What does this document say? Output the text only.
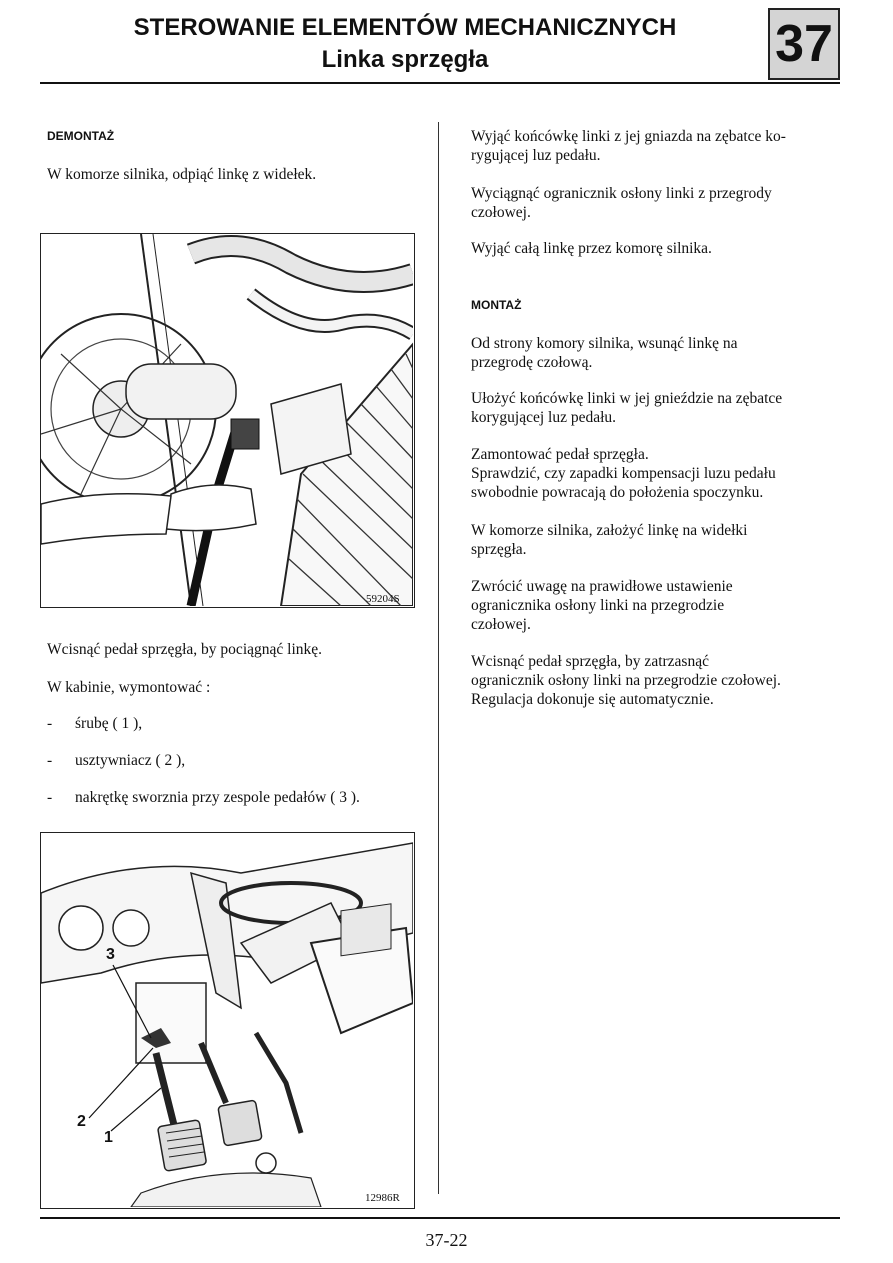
STEROWANIE ELEMENTÓW MECHANICZNYCH
Linka sprzęgła	37
DEMONTAŻ

W komorze silnika, odpiąć linkę z widełek.

59204S

Wcisnąć pedał sprzęgła, by pociągnąć linkę.

W kabinie, wymontować :

- śrubę ( 1 ),
- usztywniacz ( 2 ),
- nakrętkę sworznia przy zespole pedałów ( 3 ).
3
2
1
12986R
Wyjąć końcówkę linki z jej gniazda na zębatce ko-
rygującej luz pedału.
Wyciągnąć ogranicznik osłony linki z przegrody
czołowej.
Wyjąć całą linkę przez komorę silnika.
MONTAŻ
Od strony komory silnika, wsunąć linkę na
przegrodę czołową.
Ułożyć końcówkę linki w jej gnieździe na zębatce
korygującej luz pedału.
Zamontować pedał sprzęgła.
Sprawdzić, czy zapadki kompensacji luzu pedału
swobodnie powracają do położenia spoczynku.
W komorze silnika, założyć linkę na widełki
sprzęgła.
Zwrócić uwagę na prawidłowe ustawienie
ogranicznika osłony linki na przegrodzie
czołowej.
Wcisnąć pedał sprzęgła, by zatrzasnąć
ogranicznik osłony linki na przegrodzie czołowej.
Regulacja dokonuje się automatycznie.
37-22
